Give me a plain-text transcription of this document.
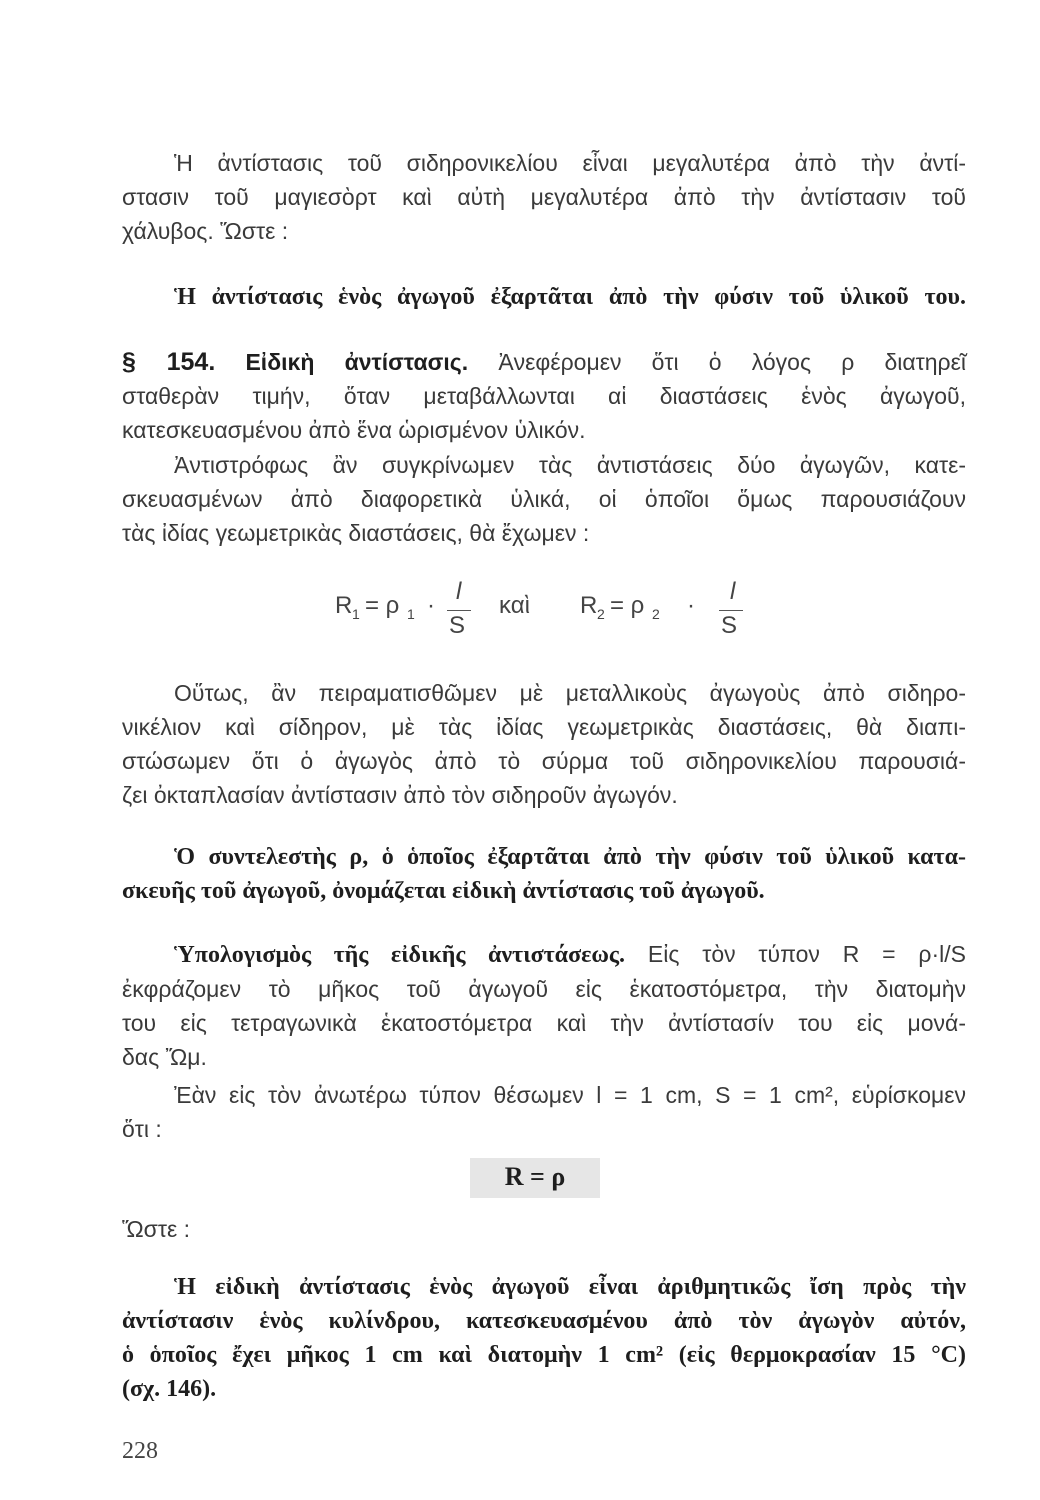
Ἡ ἀντίστασις τοῦ σιδηρονικελίου εἶναι μεγαλυτέρα ἀπὸ τὴν ἀντί-
στασιν τοῦ μαγιεσὸρτ καὶ αὐτὴ μεγαλυτέρα ἀπὸ τὴν ἀντίστασιν τοῦ
χάλυβος. Ὥστε :
Ἡ ἀντίστασις ἑνὸς ἀγωγοῦ ἐξαρτᾶται ἀπὸ τὴν φύσιν τοῦ ὑλικοῦ του.
§ 154. Εἰδικὴ ἀντίστασις. Ἀνεφέρομεν ὅτι ὁ λόγος ρ διατηρεῖ
σταθερὰν τιμήν, ὅταν μεταβάλλωνται αἱ διαστάσεις ἑνὸς ἀγωγοῦ,
κατεσκευασμένου ἀπὸ ἕνα ὡρισμένον ὑλικόν.
Ἀντιστρόφως ἂν συγκρίνωμεν τὰς ἀντιστάσεις δύο ἀγωγῶν, κατε-
σκευασμένων ἀπὸ διαφορετικὰ ὑλικά, οἱ ὁποῖοι ὅμως παρουσιάζουν
τὰς ἰδίας γεωμετρικὰς διαστάσεις, θὰ ἔχωμεν :
R 1 = ρ 1 ·
l
S
καὶ R 2 = ρ 2 ·
l
S
Οὕτως, ἂν πειραματισθῶμεν μὲ μεταλλικοὺς ἀγωγοὺς ἀπὸ σιδηρο-
νικέλιον καὶ σίδηρον, μὲ τὰς ἰδίας γεωμετρικὰς διαστάσεις, θὰ διαπι-
στώσωμεν ὅτι ὁ ἀγωγὸς ἀπὸ τὸ σύρμα τοῦ σιδηρονικελίου παρουσιά-
ζει ὀκταπλασίαν ἀντίστασιν ἀπὸ τὸν σιδηροῦν ἀγωγόν.
Ὁ συντελεστὴς ρ, ὁ ὁποῖος ἐξαρτᾶται ἀπὸ τὴν φύσιν τοῦ ὑλικοῦ κατα-
σκευῆς τοῦ ἀγωγοῦ, ὀνομάζεται εἰδικὴ ἀντίστασις τοῦ ἀγωγοῦ.
Ὑπολογισμὸς τῆς εἰδικῆς ἀντιστάσεως. Εἰς τὸν τύπον R = ρ·l/S
ἐκφράζομεν τὸ μῆκος τοῦ ἀγωγοῦ εἰς ἑκατοστόμετρα, τὴν διατομὴν
του εἰς τετραγωνικὰ ἑκατοστόμετρα καὶ τὴν ἀντίστασίν του εἰς μονά-
δας Ὤμ.
Ἐὰν εἰς τὸν ἀνωτέρω τύπον θέσωμεν l = 1 cm, S = 1 cm², εὑρίσκομεν
ὅτι :
R = ρ
Ὥστε :
Ἡ εἰδικὴ ἀντίστασις ἑνὸς ἀγωγοῦ εἶναι ἀριθμητικῶς ἴση πρὸς τὴν
ἀντίστασιν ἑνὸς κυλίνδρου, κατεσκευασμένου ἀπὸ τὸν ἀγωγὸν αὐτόν,
ὁ ὁποῖος ἔχει μῆκος 1 cm καὶ διατομὴν 1 cm² (εἰς θερμοκρασίαν 15 °C)
(σχ. 146).
228
